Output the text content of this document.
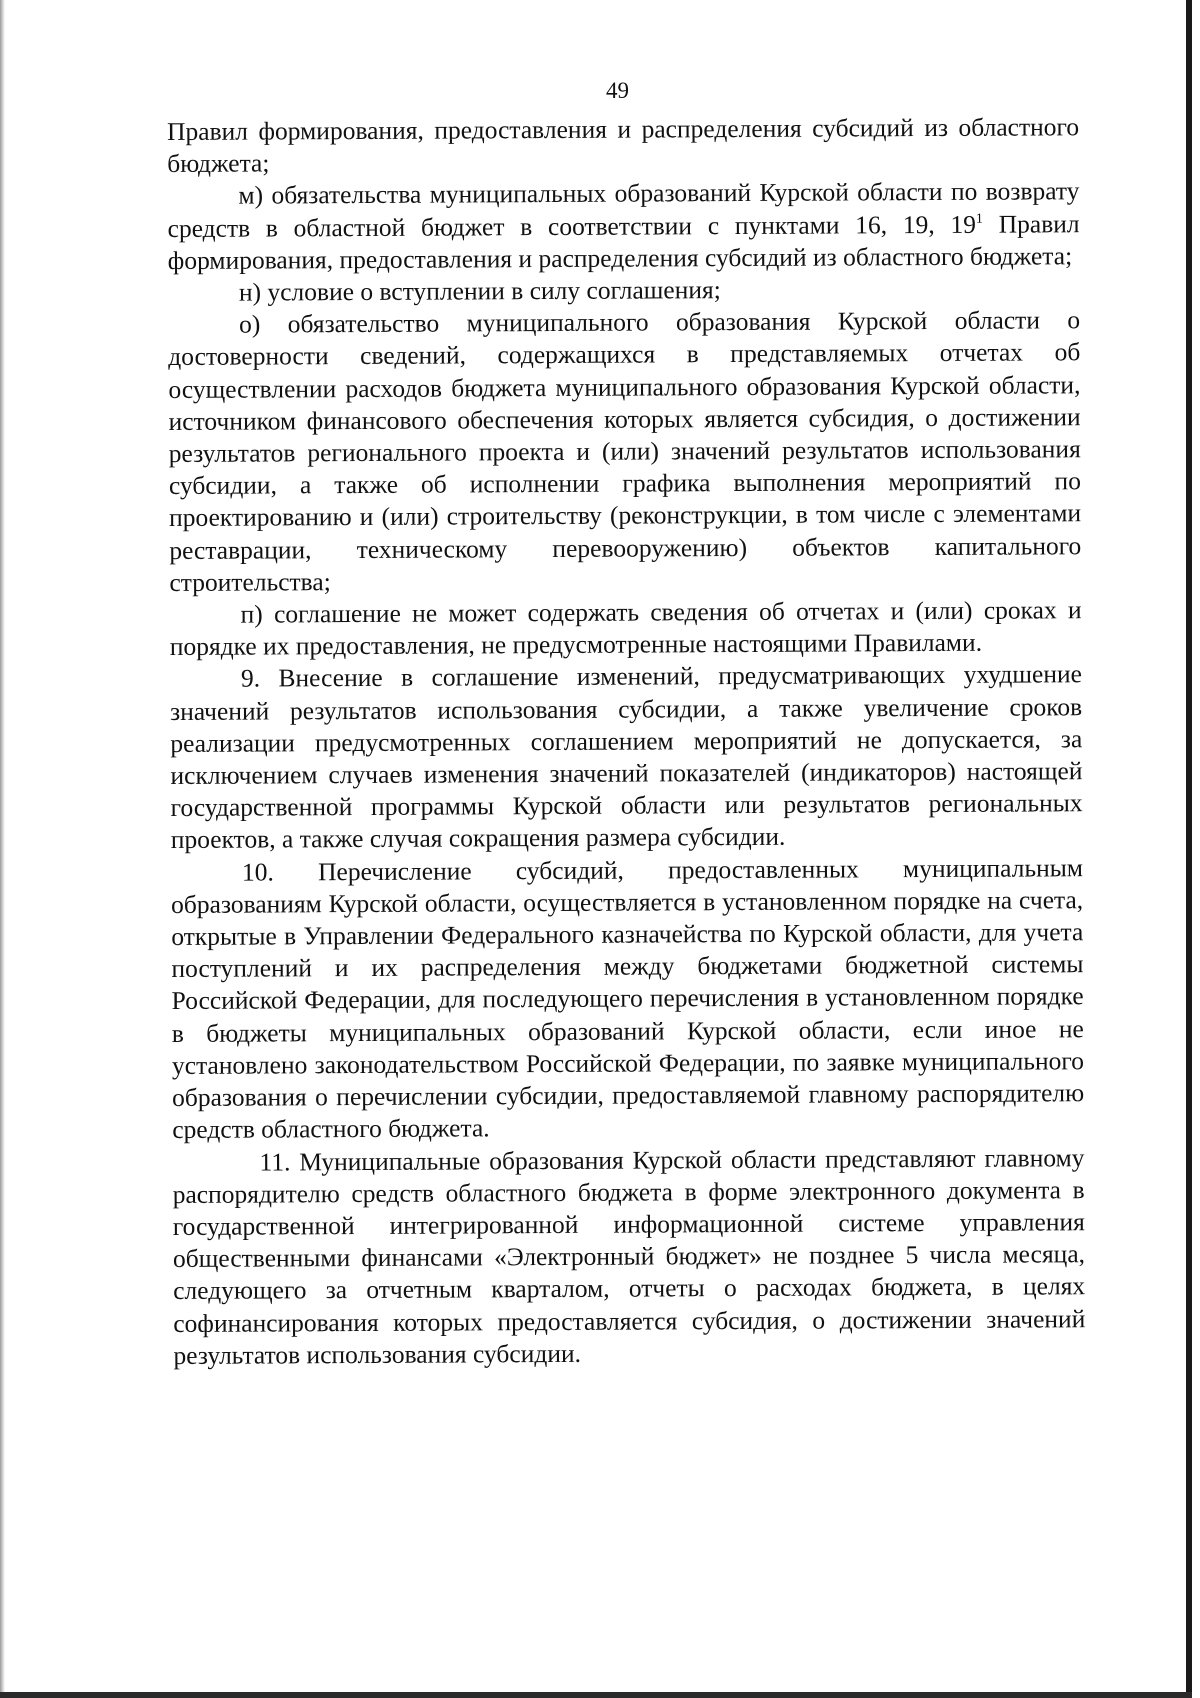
49

Правил формирования, предоставления и распределения субсидий из областного бюджета;

м) обязательства муниципальных образований Курской области по возврату средств в областной бюджет в соответствии с пунктами 16, 19, $19^1$ Правил формирования, предоставления и распределения субсидий из областного бюджета;

н) условие о вступлении в силу соглашения;

о) обязательство муниципального образования Курской области о достоверности сведений, содержащихся в представляемых отчетах об осуществлении расходов бюджета муниципального образования Курской области, источником финансового обеспечения которых является субсидия, о достижении результатов регионального проекта и (или) значений результатов использования субсидии, а также об исполнении графика выполнения мероприятий по проектированию и (или) строительству (реконструкции, в том числе с элементами реставрации, техническому перевооружению) объектов капитального строительства;

п) соглашение не может содержать сведения об отчетах и (или) сроках и порядке их предоставления, не предусмотренные настоящими Правилами.

9. Внесение в соглашение изменений, предусматривающих ухудшение значений результатов использования субсидии, а также увеличение сроков реализации предусмотренных соглашением мероприятий не допускается, за исключением случаев изменения значений показателей (индикаторов) настоящей государственной программы Курской области или результатов региональных проектов, а также случая сокращения размера субсидии.

10. Перечисление субсидий, предоставленных муниципальным образованиям Курской области, осуществляется в установленном порядке на счета, открытые в Управлении Федерального казначейства по Курской области, для учета поступлений и их распределения между бюджетами бюджетной системы Российской Федерации, для последующего перечисления в установленном порядке в бюджеты муниципальных образований Курской области, если иное не установлено законодательством Российской Федерации, по заявке муниципального образования о перечислении субсидии, предоставляемой главному распорядителю средств областного бюджета.

11. Муниципальные образования Курской области представляют главному распорядителю средств областного бюджета в форме электронного документа в государственной интегрированной информационной системе управления общественными финансами «Электронный бюджет» не позднее 5 числа месяца, следующего за отчетным кварталом, отчеты о расходах бюджета, в целях софинансирования которых предоставляется субсидия, о достижении значений результатов использования субсидии.
